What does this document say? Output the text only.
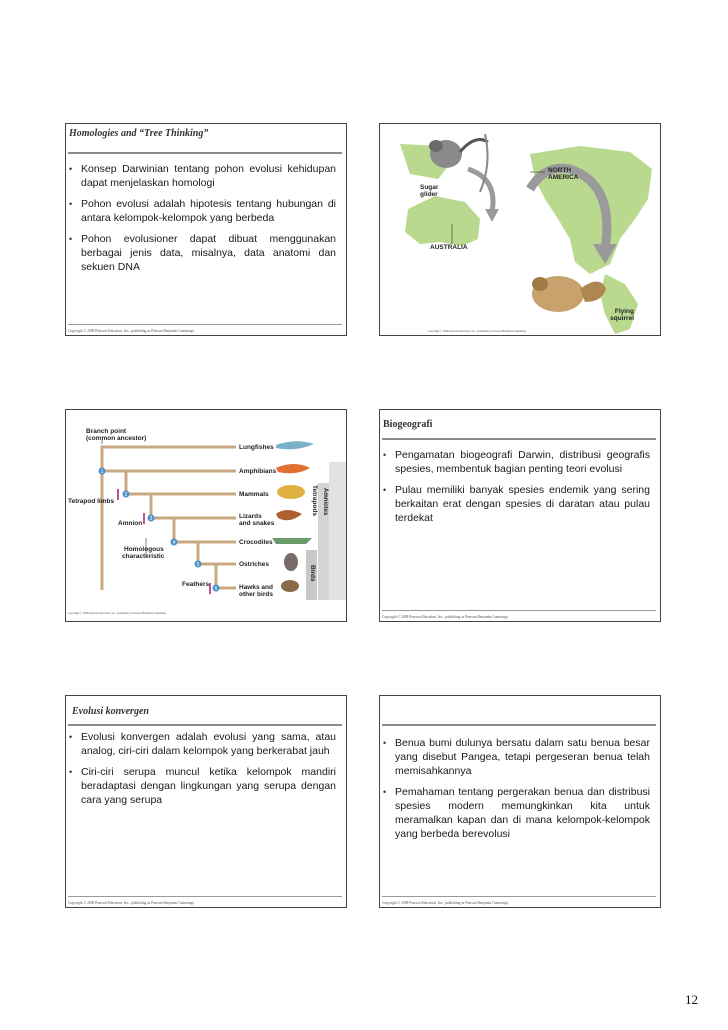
Homologies and “Tree Thinking”
• Konsep Darwinian tentang pohon evolusi kehidupan dapat menjelaskan homologi
• Pohon evolusi adalah hipotesis tentang hubungan di antara kelompok-kelompok yang berbeda
• Pohon evolusioner dapat dibuat menggunakan berbagai jenis data, misalnya, data anatomi dan sekuen DNA
Copyright © 2008 Pearson Education, Inc., publishing as Pearson Benjamin Cummings
Sugar glider
NORTH AMERICA
AUSTRALIA
Flying squirrel
Copyright © 2008 Pearson Education, Inc., publishing as Pearson Benjamin Cummings
1
2
3
4
5
6
Branch point
(common ancestor)
Tetrapod limbs
Amnion
Homologous
characteristic
Feathers
Lungfishes
Amphibians
Mammals
Lizards
and snakes
Crocodiles
Ostriches
Hawks and
other birds
Tetrapods Amniotes
Birds
Copyright © 2008 Pearson Education, Inc., publishing as Pearson Benjamin Cummings
Biogeografi
• Pengamatan biogeografi Darwin, distribusi geografis spesies, membentuk bagian penting teori evolusi
• Pulau memiliki banyak spesies endemik yang sering berkaitan erat dengan spesies di daratan atau pulau terdekat
Copyright © 2008 Pearson Education, Inc., publishing as Pearson Benjamin Cummings
Evolusi konvergen
• Evolusi konvergen adalah evolusi yang sama, atau analog, ciri-ciri dalam kelompok yang berkerabat jauh
• Ciri-ciri serupa muncul ketika kelompok mandiri beradaptasi dengan lingkungan yang serupa dengan cara yang serupa
Copyright © 2008 Pearson Education, Inc., publishing as Pearson Benjamin Cummings
• Benua bumi dulunya bersatu dalam satu benua besar yang disebut Pangea, tetapi pergeseran benua telah memisahkannya
• Pemahaman tentang pergerakan benua dan distribusi spesies modern memungkinkan kita untuk meramalkan kapan dan di mana kelompok-kelompok yang berbeda berevolusi
Copyright © 2008 Pearson Education, Inc., publishing as Pearson Benjamin Cummings
12
